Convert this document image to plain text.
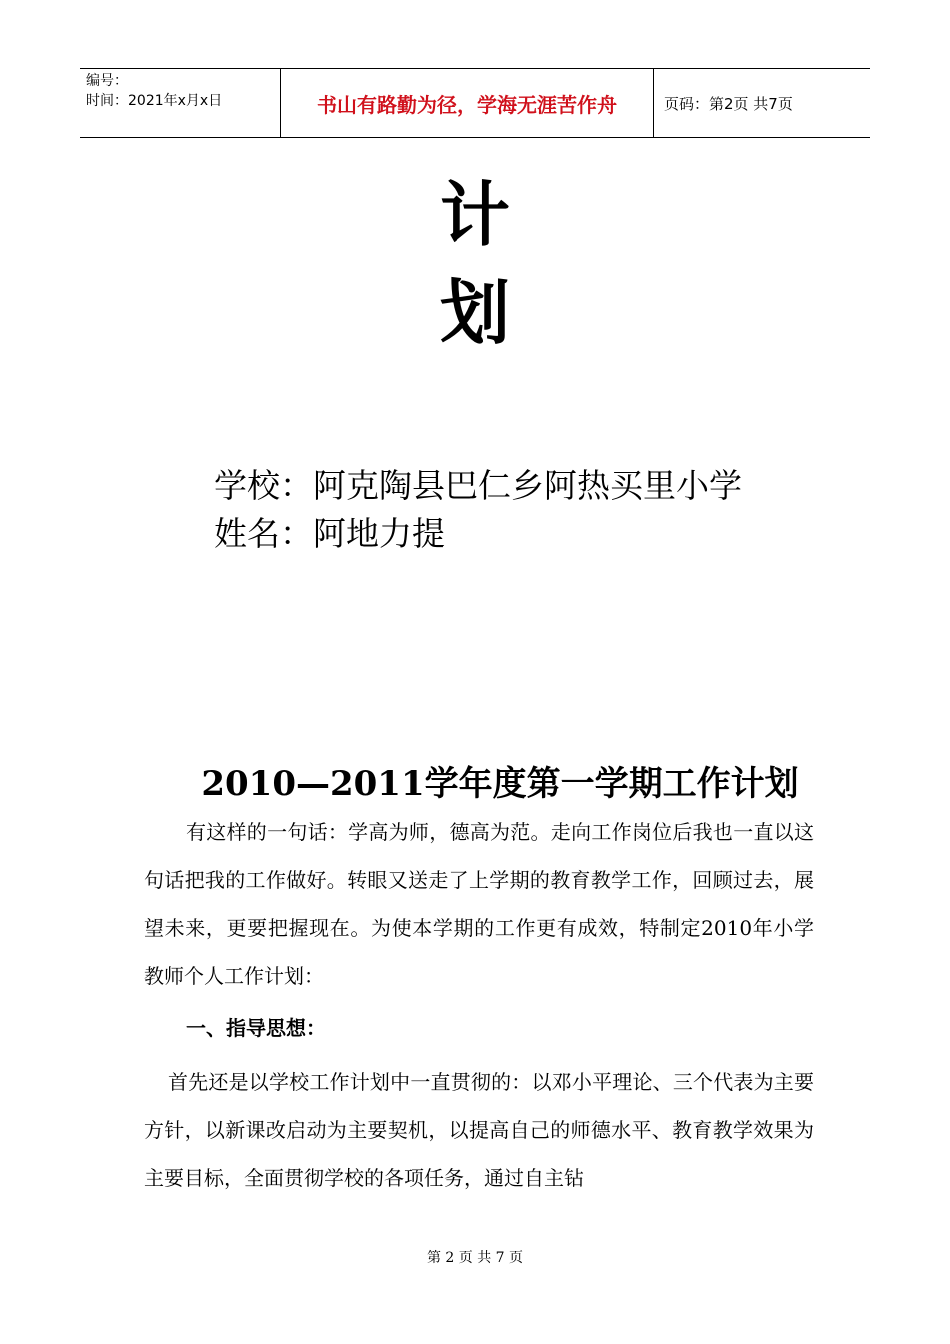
编号：
时间：2021年x月x日	书山有路勤为径，学海无涯苦作舟	页码：第2页 共7页
计
划
学校：阿克陶县巴仁乡阿热买里小学
姓名：阿地力提
2010—2011学年度第一学期工作计划
有这样的一句话：学高为师，德高为范。走向工作岗位后我也一直以这句话把我的工作做好。转眼又送走了上学期的教育教学工作，回顾过去，展望未来，更要把握现在。为使本学期的工作更有成效，特制定2010年小学教师个人工作计划：
一、指导思想：
首先还是以学校工作计划中一直贯彻的：以邓小平理论、三个代表为主要方针，以新课改启动为主要契机，以提高自己的师德水平、教育教学效果为主要目标，全面贯彻学校的各项任务，通过自主钻
第 2 页 共 7 页
